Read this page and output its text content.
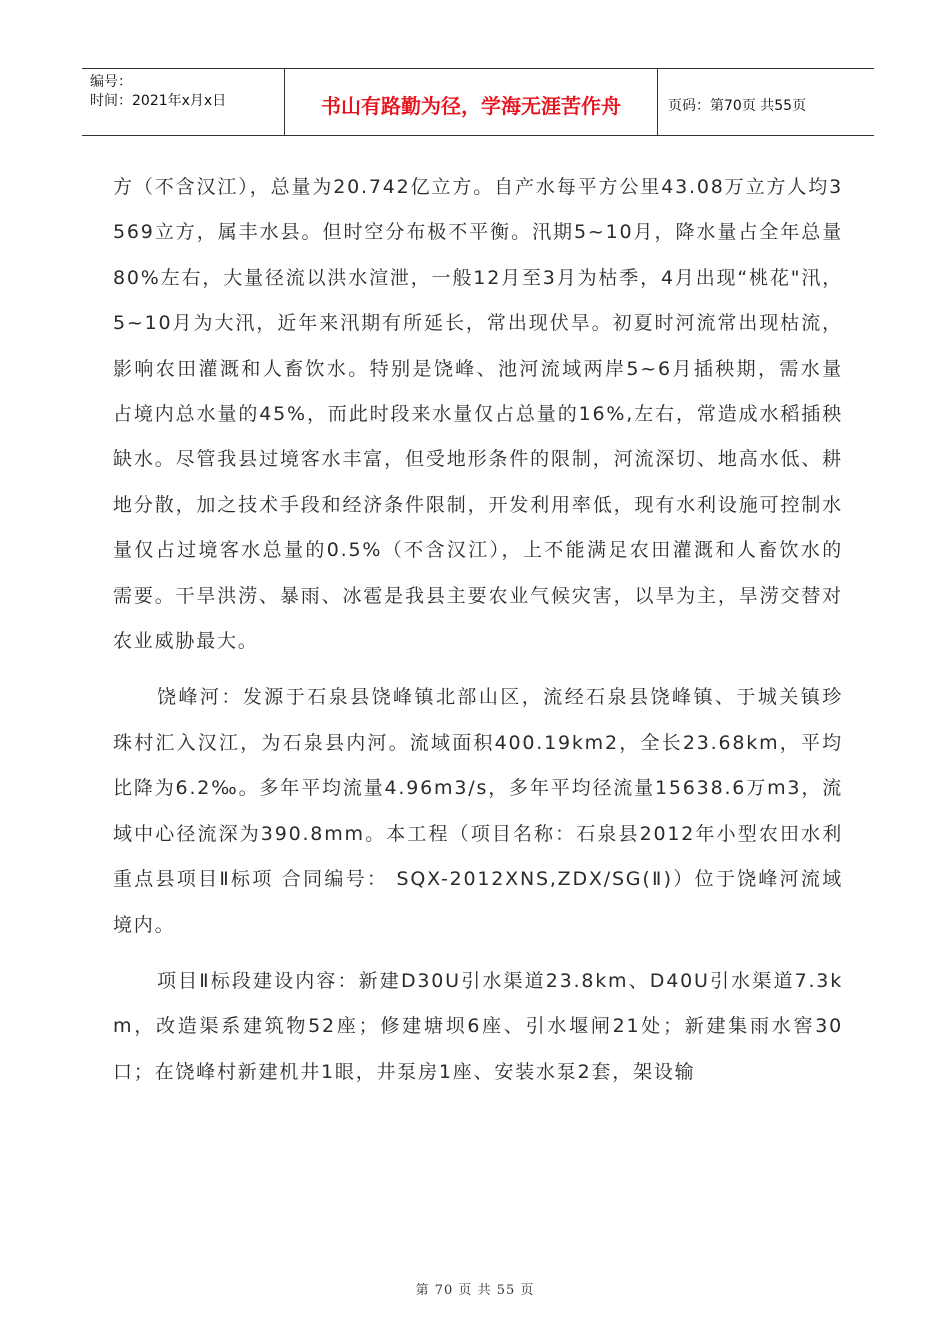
编号：
时间：2021年x月x日	书山有路勤为径，学海无涯苦作舟	页码：第70页 共55页

方（不含汉江），总量为20.742亿立方。自产水每平方公里43.08万立方人均3569立方，属丰水县。但时空分布极不平衡。汛期5~10月，降水量占全年总量80%左右，大量径流以洪水渲泄，一般12月至3月为枯季，4月出现“桃花"汛，5~10月为大汛，近年来汛期有所延长，常出现伏旱。初夏时河流常出现枯流，影响农田灌溉和人畜饮水。特别是饶峰、池河流域两岸5~6月插秧期，需水量占境内总水量的45%，而此时段来水量仅占总量的16%,左右，常造成水稻插秧缺水。尽管我县过境客水丰富，但受地形条件的限制，河流深切、地高水低、耕地分散，加之技术手段和经济条件限制，开发利用率低，现有水利设施可控制水量仅占过境客水总量的0.5%（不含汉江），上不能满足农田灌溉和人畜饮水的需要。干旱洪涝、暴雨、冰雹是我县主要农业气候灾害，以旱为主，旱涝交替对农业威胁最大。

饶峰河：发源于石泉县饶峰镇北部山区，流经石泉县饶峰镇、于城关镇珍珠村汇入汉江，为石泉县内河。流域面积400.19km2，全长23.68km，平均比降为6.2‰。多年平均流量4.96m3/s，多年平均径流量15638.6万m3，流域中心径流深为390.8mm。本工程（项目名称：石泉县2012年小型农田水利重点县项目Ⅱ标项 合同编号： SQX-2012XNS,ZDX/SG(Ⅱ)）位于饶峰河流域境内。

项目Ⅱ标段建设内容：新建D30U引水渠道23.8km、D40U引水渠道7.3km，改造渠系建筑物52座；修建塘坝6座、引水堰闸21处；新建集雨水窖30口；在饶峰村新建机井1眼，井泵房1座、安装水泵2套，架设输

第 70 页 共 55 页
